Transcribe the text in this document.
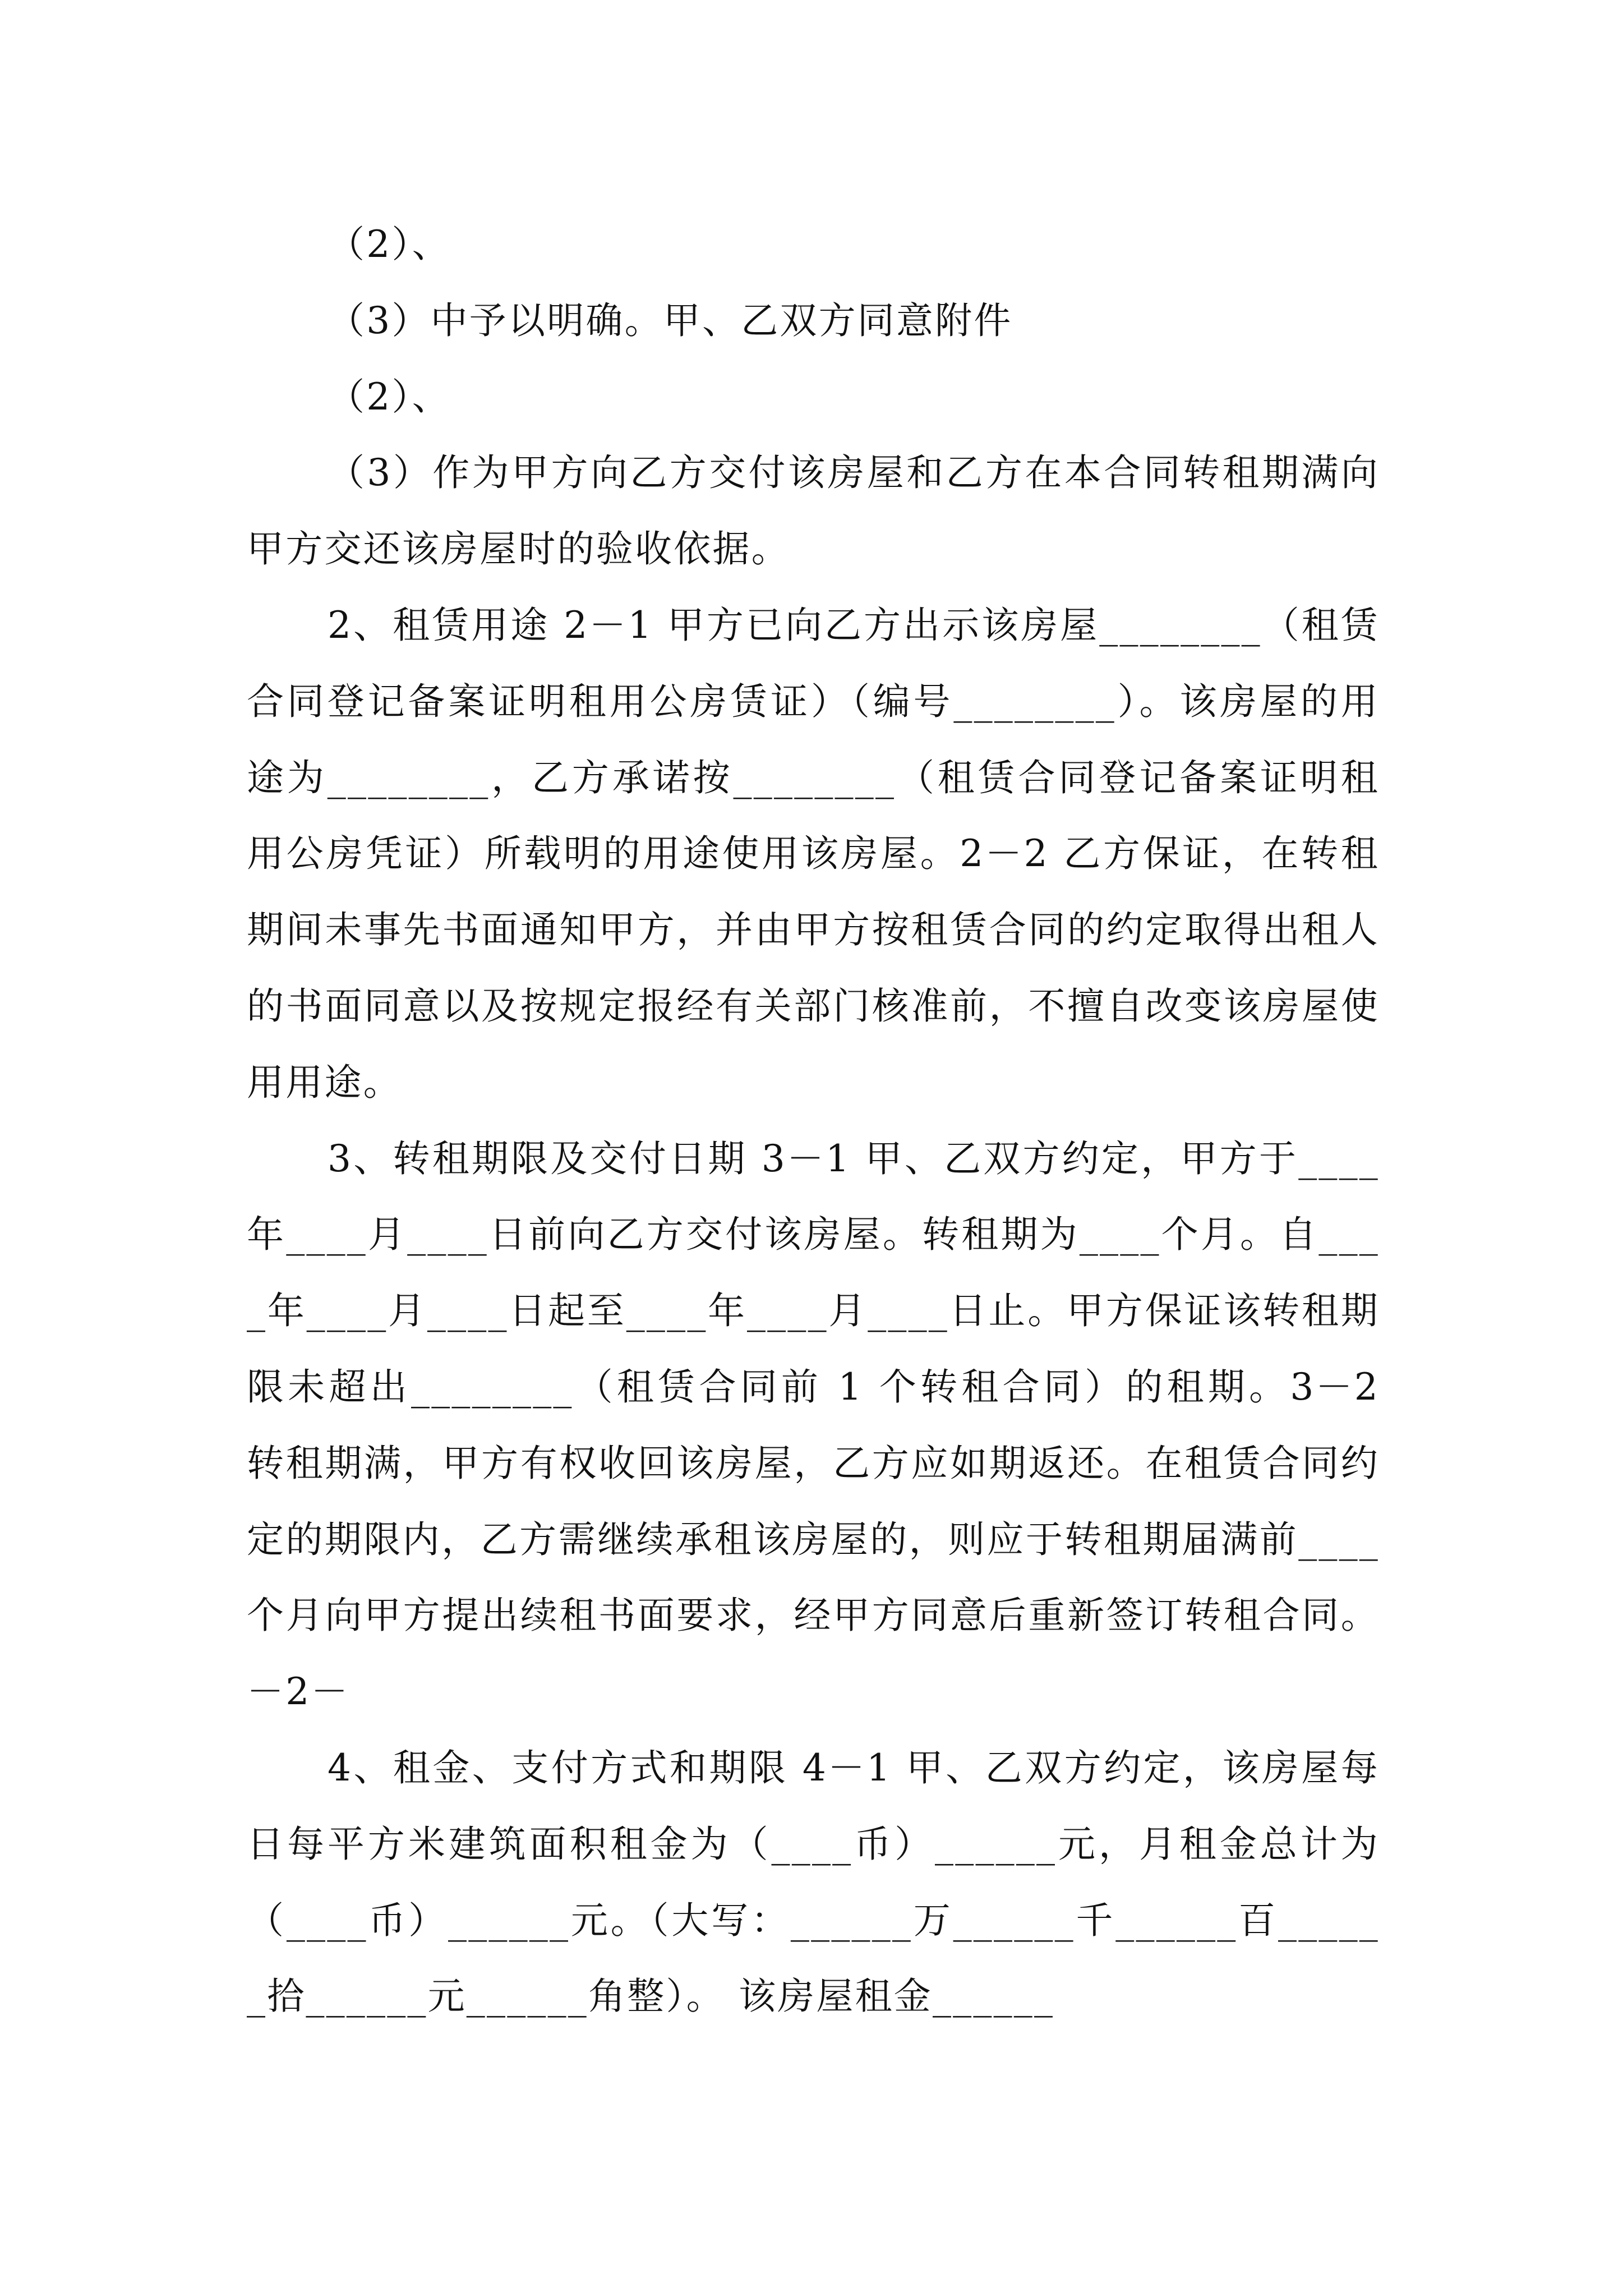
（2）、

（3）中予以明确。甲、乙双方同意附件

（2）、

（3）作为甲方向乙方交付该房屋和乙方在本合同转租期满向甲方交还该房屋时的验收依据。

2、租赁用途 2－1 甲方已向乙方出示该房屋________（租赁合同登记备案证明租用公房赁证）（编号________）。该房屋的用途为________，乙方承诺按________（租赁合同登记备案证明租用公房凭证）所载明的用途使用该房屋。2－2 乙方保证，在转租期间未事先书面通知甲方，并由甲方按租赁合同的约定取得出租人的书面同意以及按规定报经有关部门核准前，不擅自改变该房屋使用用途。

3、转租期限及交付日期 3－1 甲、乙双方约定，甲方于____年____月____日前向乙方交付该房屋。转租期为____个月。自____年____月____日起至____年____月____日止。甲方保证该转租期限未超出________（租赁合同前 1 个转租合同）的租期。3－2 转租期满，甲方有权收回该房屋，乙方应如期返还。在租赁合同约定的期限内，乙方需继续承租该房屋的，则应于转租期届满前____个月向甲方提出续租书面要求，经甲方同意后重新签订转租合同。－2－

4、租金、支付方式和期限 4－1 甲、乙双方约定，该房屋每日每平方米建筑面积租金为（____币）______元，月租金总计为（____币）______元。（大写：______万______千______百______拾______元______角整）。 该房屋租金______
